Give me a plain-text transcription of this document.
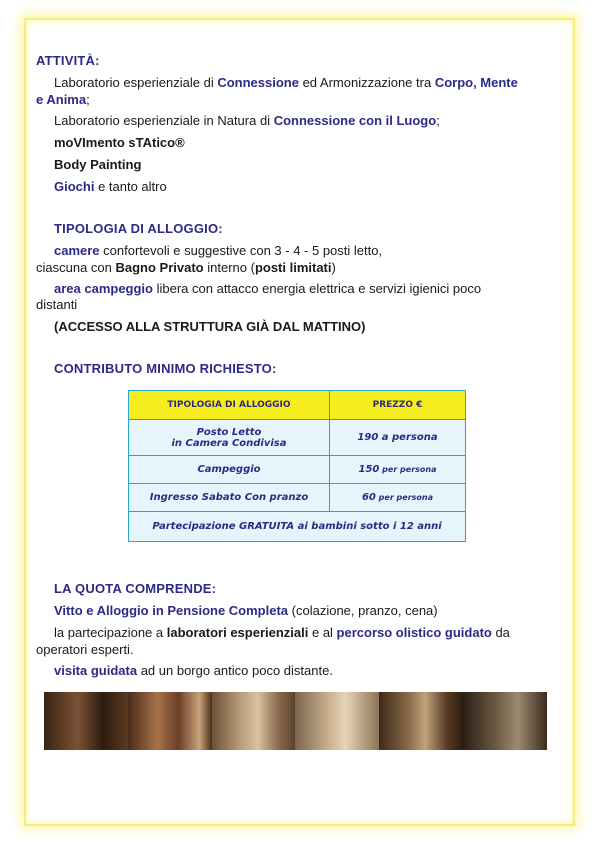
ATTIVITÀ:
Laboratorio esperienziale di Connessione ed Armonizzazione tra Corpo, Mente
e Anima;
Laboratorio esperienziale in Natura di Connessione con il Luogo;
moVImento sTAtico®
Body Painting
Giochi e tanto altro
TIPOLOGIA DI ALLOGGIO:
camere confortevoli e suggestive con 3 - 4 - 5 posti letto,
ciascuna con Bagno Privato interno (posti limitati)
area campeggio libera con attacco energia elettrica e servizi igienici poco
distanti
(ACCESSO ALLA STRUTTURA GIÀ DAL MATTINO)
CONTRIBUTO MINIMO RICHIESTO:
TIPOLOGIA DI ALLOGGIO	PREZZO €

Posto Letto
in Camera Condivisa	190 a persona
Campeggio	150 per persona
Ingresso Sabato Con pranzo	60 per persona
Partecipazione GRATUITA ai bambini sotto i 12 anni	
LA QUOTA COMPRENDE:
Vitto e Alloggio in Pensione Completa (colazione, pranzo, cena)
la partecipazione a laboratori esperienziali e al percorso olistico guidato da
operatori esperti.
visita guidata ad un borgo antico poco distante.
